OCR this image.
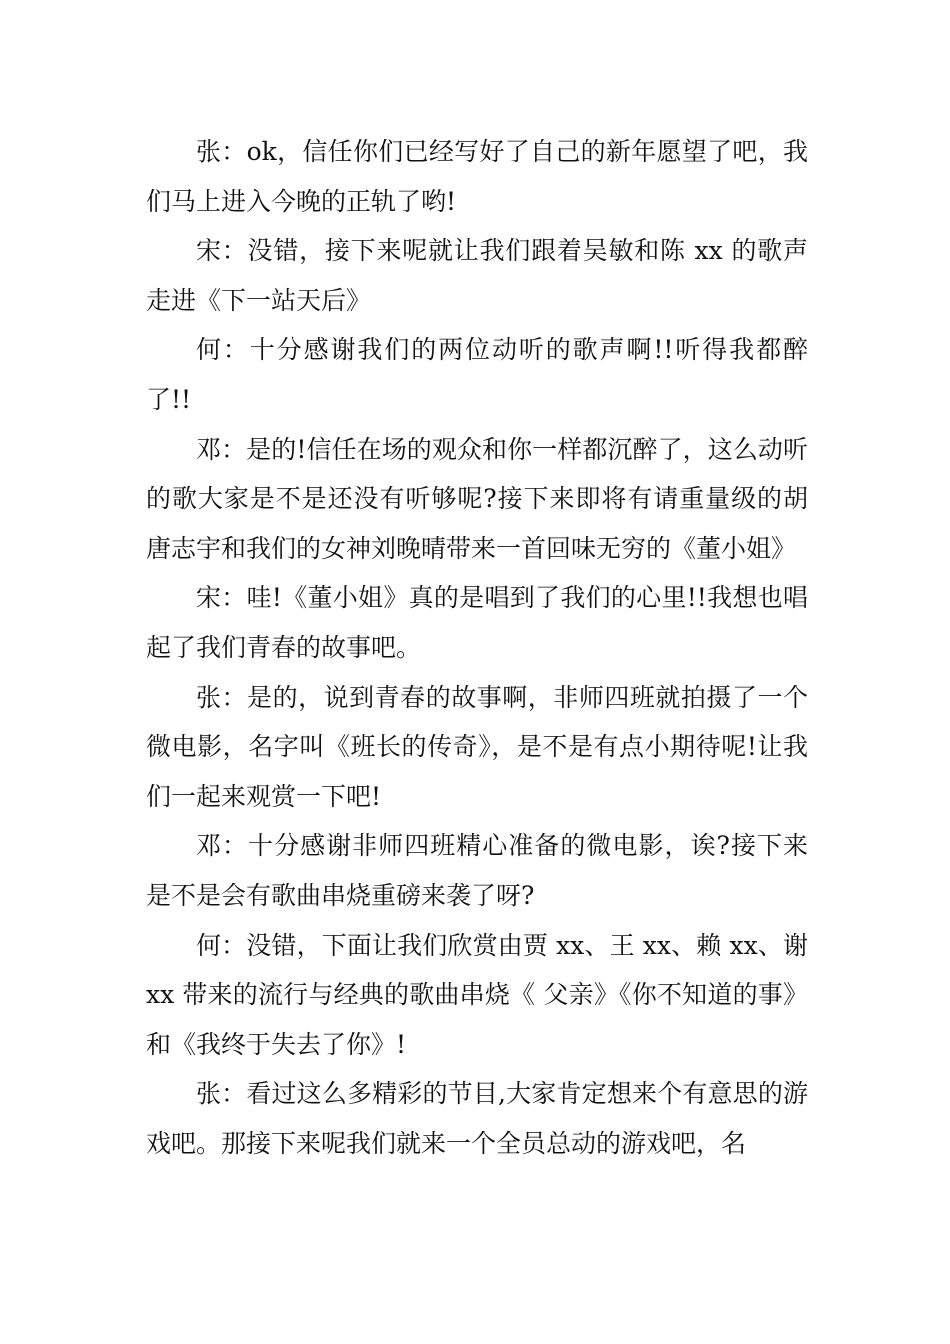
张：ok，信任你们已经写好了自己的新年愿望了吧，我们马上进入今晚的正轨了哟!

宋：没错，接下来呢就让我们跟着吴敏和陈 xx 的歌声走进《下一站天后》

何：十分感谢我们的两位动听的歌声啊!!听得我都醉了!!

邓：是的!信任在场的观众和你一样都沉醉了，这么动听的歌大家是不是还没有听够呢?接下来即将有请重量级的胡唐志宇和我们的女神刘晚晴带来一首回味无穷的《董小姐》

宋：哇!《董小姐》真的是唱到了我们的心里!!我想也唱起了我们青春的故事吧。

张：是的，说到青春的故事啊，非师四班就拍摄了一个微电影，名字叫《班长的传奇》，是不是有点小期待呢!让我们一起来观赏一下吧!

邓：十分感谢非师四班精心准备的微电影，诶?接下来是不是会有歌曲串烧重磅来袭了呀?

何：没错，下面让我们欣赏由贾 xx、王 xx、赖 xx、谢 xx 带来的流行与经典的歌曲串烧《 父亲》《你不知道的事》和《我终于失去了你》!

张：看过这么多精彩的节目,大家肯定想来个有意思的游戏吧。那接下来呢我们就来一个全员总动的游戏吧，名
